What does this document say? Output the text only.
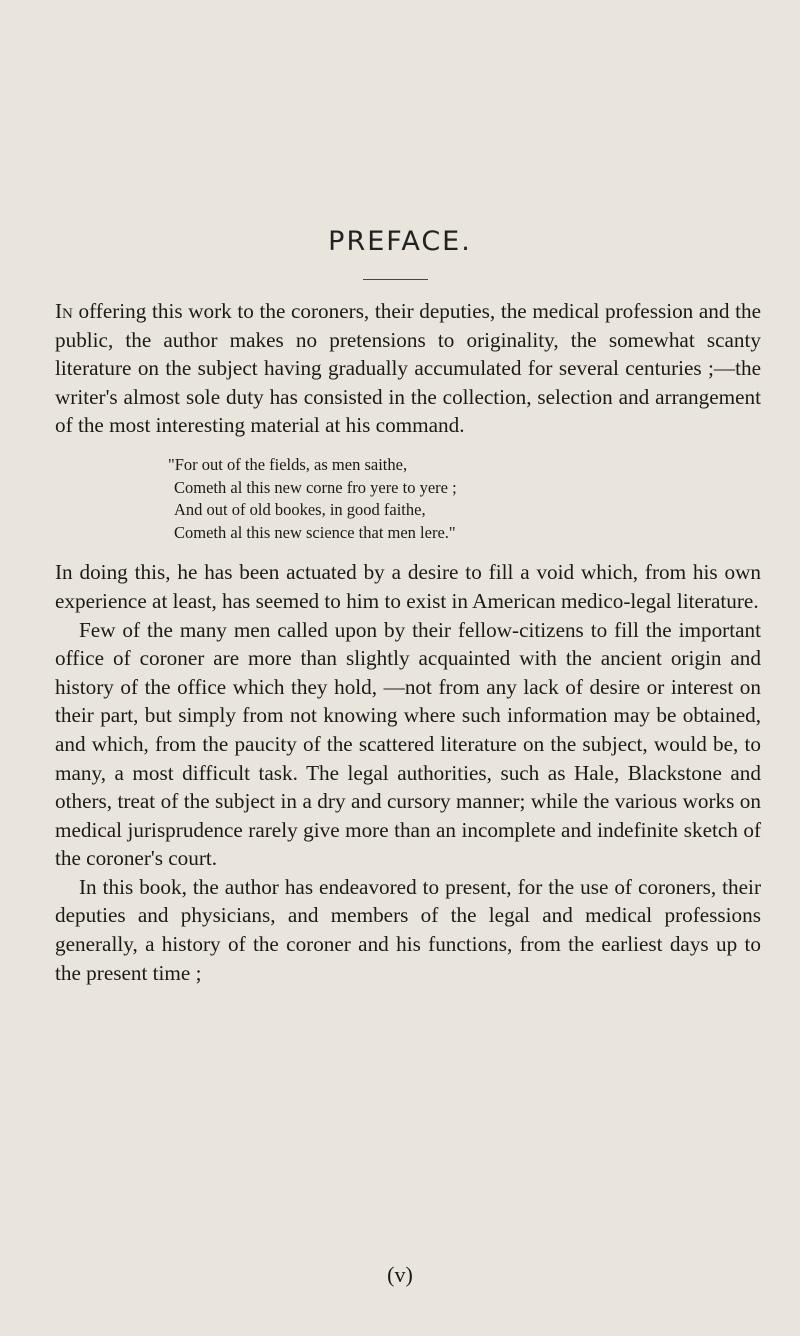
PREFACE.

In offering this work to the coroners, their deputies, the medical profession and the public, the author makes no pretensions to originality, the somewhat scanty literature on the subject having gradually accumulated for several centuries ;—the writer's almost sole duty has consisted in the collection, selection and arrangement of the most interesting material at his command.

"For out of the fields, as men saithe,
Cometh al this new corne fro yere to yere ;
And out of old bookes, in good faithe,
Cometh al this new science that men lere."

In doing this, he has been actuated by a desire to fill a void which, from his own experience at least, has seemed to him to exist in American medico-legal literature.

Few of the many men called upon by their fellow-citizens to fill the important office of coroner are more than slightly acquainted with the ancient origin and history of the office which they hold, —not from any lack of desire or interest on their part, but simply from not knowing where such information may be obtained, and which, from the paucity of the scattered literature on the subject, would be, to many, a most difficult task. The legal authorities, such as Hale, Blackstone and others, treat of the subject in a dry and cursory manner; while the various works on medical jurisprudence rarely give more than an incomplete and indefinite sketch of the coroner's court.

In this book, the author has endeavored to present, for the use of coroners, their deputies and physicians, and members of the legal and medical professions generally, a history of the coroner and his functions, from the earliest days up to the present time ;

(v)
